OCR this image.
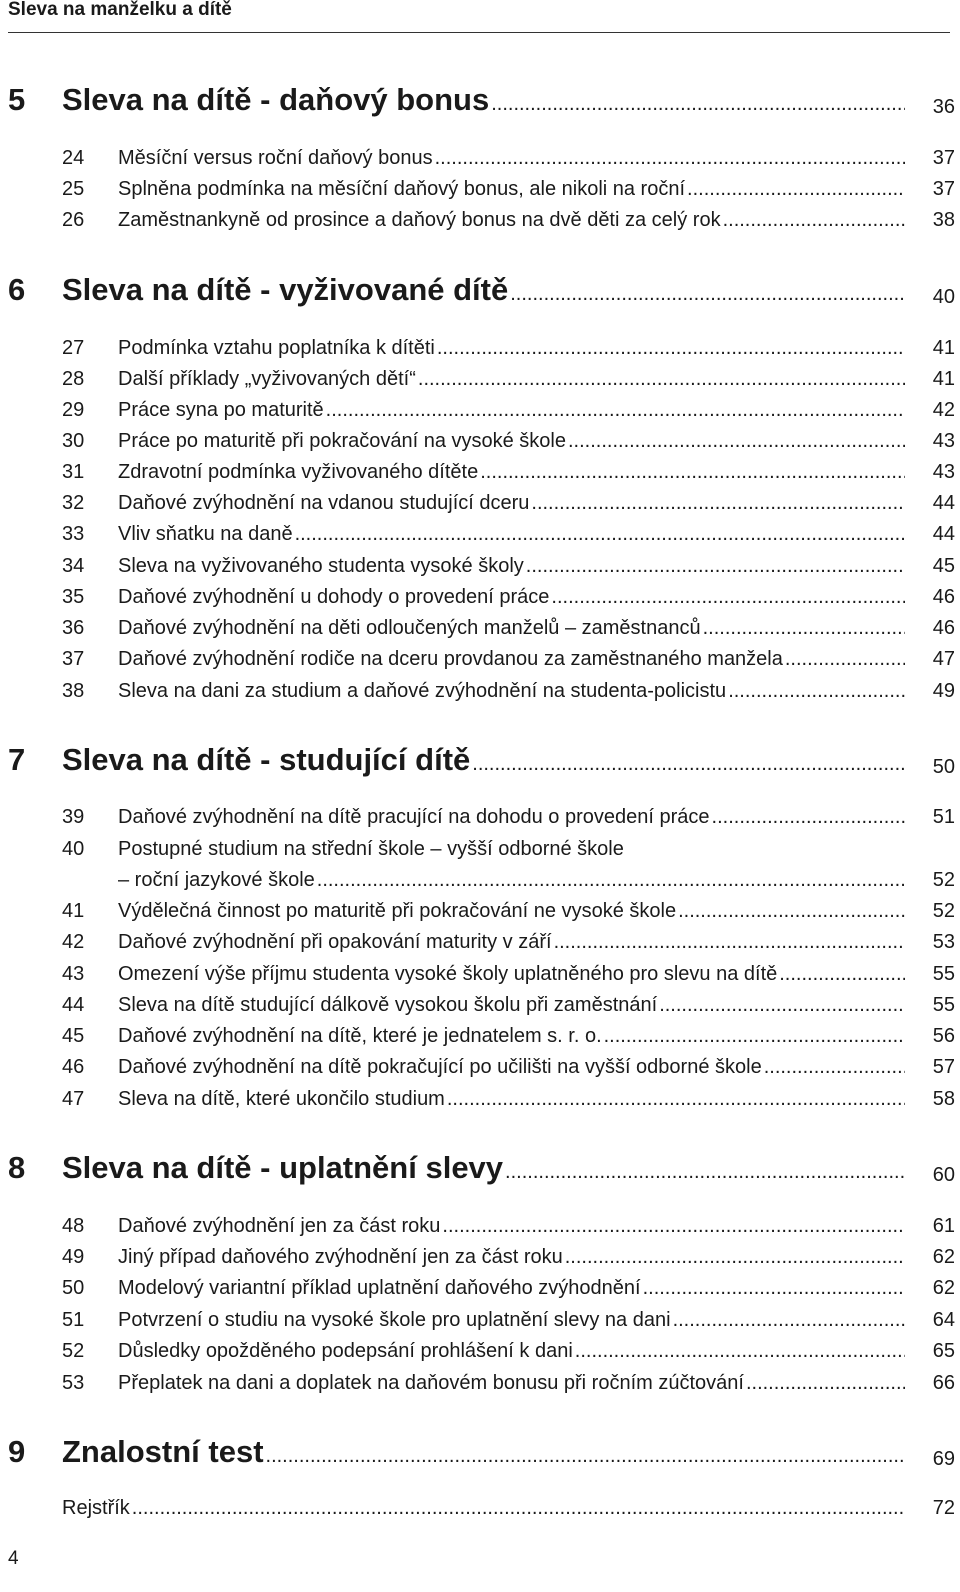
Sleva na manželku a dítě
5 Sleva na dítě - daňový bonus .....	36
24 Měsíční versus roční daňový bonus .....	37
25 Splněna podmínka na měsíční daňový bonus, ale nikoli na roční .....	37
26 Zaměstnankyně od prosince a daňový bonus na dvě děti za celý rok .....	38
6 Sleva na dítě - vyživované dítě .....	40
27 Podmínka vztahu poplatníka k dítěti .....	41
28 Další příklady „vyživovaných dětí“ .....	41
29 Práce syna po maturitě .....	42
30 Práce po maturitě při pokračování na vysoké škole .....	43
31 Zdravotní podmínka vyživovaného dítěte .....	43
32 Daňové zvýhodnění na vdanou studující dceru .....	44
33 Vliv sňatku na daně .....	44
34 Sleva na vyživovaného studenta vysoké školy .....	45
35 Daňové zvýhodnění u dohody o provedení práce .....	46
36 Daňové zvýhodnění na děti odloučených manželů – zaměstnanců .....	46
37 Daňové zvýhodnění rodiče na dceru provdanou za zaměstnaného manžela .....	47
38 Sleva na dani za studium a daňové zvýhodnění na studenta-policistu .....	49
7 Sleva na dítě - studující dítě .....	50
39 Daňové zvýhodnění na dítě pracující na dohodu o provedení práce .....	51
40 Postupné studium na střední škole – vyšší odborné škole
– roční jazykové škole .....	52
41 Výdělečná činnost po maturitě při pokračování ne vysoké škole .....	52
42 Daňové zvýhodnění při opakování maturity v září .....	53
43 Omezení výše příjmu studenta vysoké školy uplatněného pro slevu na dítě .....	55
44 Sleva na dítě studující dálkově vysokou školu při zaměstnání .....	55
45 Daňové zvýhodnění na dítě, které je jednatelem s. r. o. .....	56
46 Daňové zvýhodnění na dítě pokračující po učilišti na vyšší odborné škole .....	57
47 Sleva na dítě, které ukončilo studium .....	58
8 Sleva na dítě - uplatnění slevy .....	60
48 Daňové zvýhodnění jen za část roku .....	61
49 Jiný případ daňového zvýhodnění jen za část roku .....	62
50 Modelový variantní příklad uplatnění daňového zvýhodnění .....	62
51 Potvrzení o studiu na vysoké škole pro uplatnění slevy na dani .....	64
52 Důsledky opožděného podepsání prohlášení k dani .....	65
53 Přeplatek na dani a doplatek na daňovém bonusu při ročním zúčtování .....	66
9 Znalostní test .....	69
Rejstřík .....	72
4
